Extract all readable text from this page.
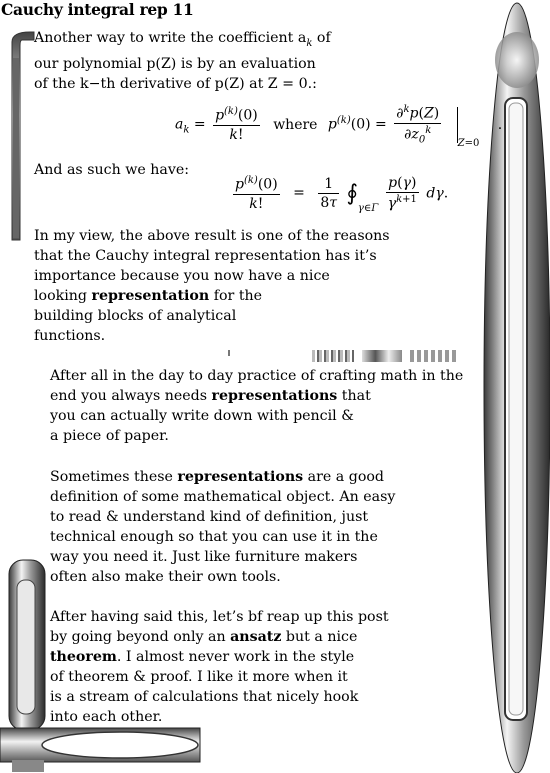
Cauchy integral rep 11
Another way to write the coefficient $a_k$ of
our polynomial p(Z) is by an evaluation
of the k−th derivative of p(Z) at Z = 0.:
$a_k = \frac{p^{(k)}(0)}{k!}$ where $p^{(k)}(0) = \frac{\partial^kp(Z)}{\partial z_0^k} _{Z=0}$ .
And as such we have:
$\frac{p^{(k)}(0)}{k!} = \frac{1}{8\tau}$ $∮_{\gamma\in\Gamma} \frac{p(\gamma)}{\gamma^{k+1}} d\gamma$.
In my view, the above result is one of the reasons
that the Cauchy integral representation has it’s
importance because you now have a nice
looking representation for the
building blocks of analytical
functions.
After all in the day to day practice of crafting math in the
end you always needs representations that
you can actually write down with pencil &
a piece of paper.
Sometimes these representations are a good
definition of some mathematical object. An easy
to read & understand kind of definition, just
technical enough so that you can use it in the
way you need it. Just like furniture makers
often also make their own tools.
After having said this, let’s bf reap up this post
by going beyond only an ansatz but a nice
theorem. I almost never work in the style
of theorem & proof. I like it more when it
is a stream of calculations that nicely hook
into each other.
